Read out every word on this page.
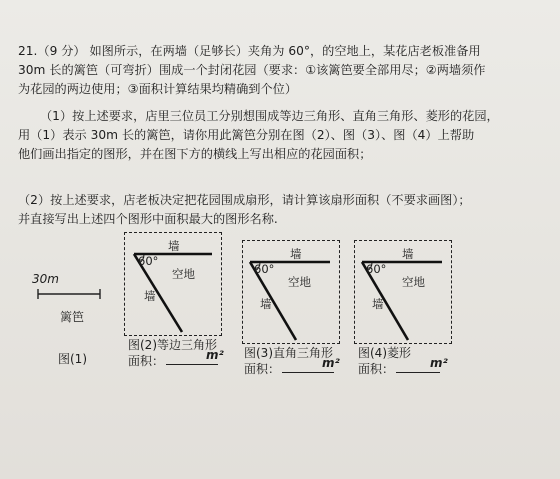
21.（9 分） 如图所示，在两墙（足够长）夹角为 60°，的空地上，某花店老板准备用
30m 长的篱笆（可弯折）围成一个封闭花园（要求：①该篱笆要全部用尽；②两墙须作
为花园的两边使用；③面积计算结果均精确到个位）
（1）按上述要求，店里三位员工分别想围成等边三角形、直角三角形、菱形的花园，
用（1）表示 30m 长的篱笆，请你用此篱笆分别在图（2）、图（3）、图（4）上帮助
他们画出指定的图形，并在图下方的横线上写出相应的花园面积；
（2）按上述要求，店老板决定把花园围成扇形，请计算该扇形面积（不要求画图）；
并直接写出上述四个图形中面积最大的图形名称.
30m
篱笆
图(1)
墙
60°
空地
墙
图(2)等边三角形
面积：	m²
墙
60°
空地
墙
图(3)直角三角形
面积：	m²
墙
60°
空地
墙
图(4)菱形
面积：	m²
